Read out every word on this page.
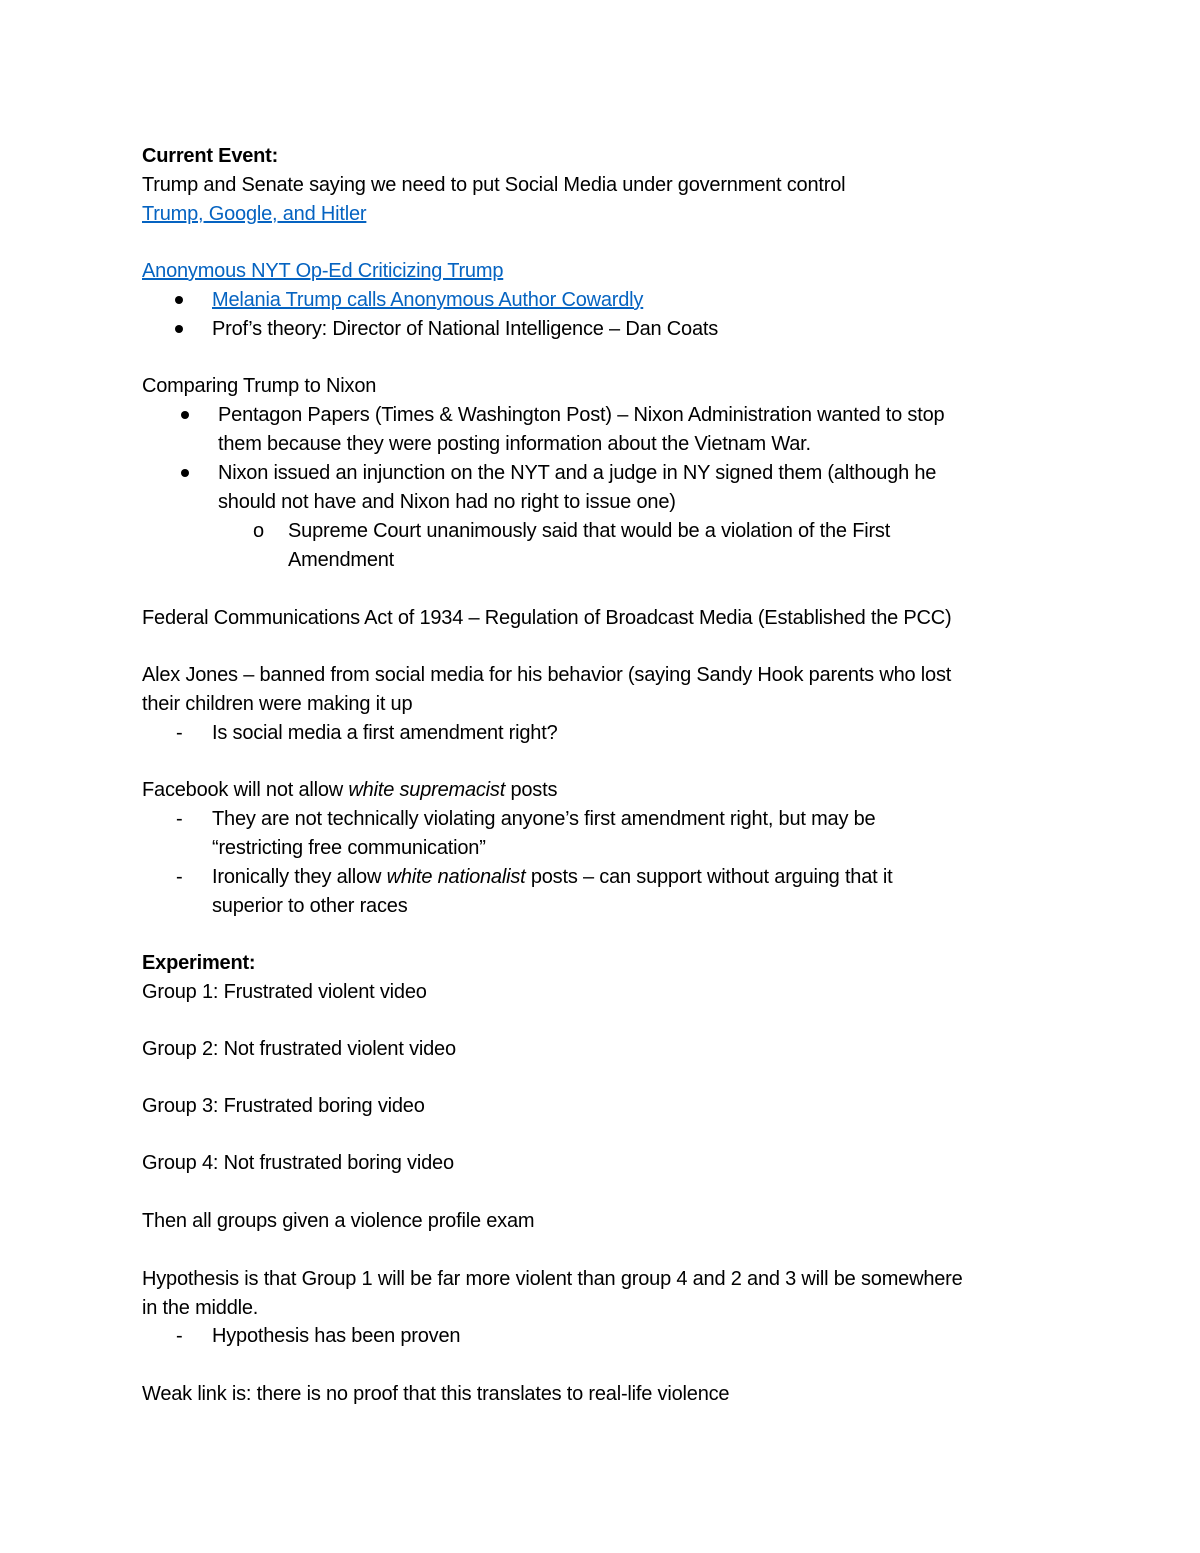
Current Event:
Trump and Senate saying we need to put Social Media under government control
Trump, Google, and Hitler
Anonymous NYT Op-Ed Criticizing Trump
Melania Trump calls Anonymous Author Cowardly
Prof’s theory: Director of National Intelligence – Dan Coats
Comparing Trump to Nixon
Pentagon Papers (Times & Washington Post) – Nixon Administration wanted to stop
them because they were posting information about the Vietnam War.
Nixon issued an injunction on the NYT and a judge in NY signed them (although he
should not have and Nixon had no right to issue one)
o Supreme Court unanimously said that would be a violation of the First
Amendment
Federal Communications Act of 1934 – Regulation of Broadcast Media (Established the PCC)
Alex Jones – banned from social media for his behavior (saying Sandy Hook parents who lost
their children were making it up
- Is social media a first amendment right?
Facebook will not allow white supremacist posts
- They are not technically violating anyone’s first amendment right, but may be
“restricting free communication”
- Ironically they allow white nationalist posts – can support without arguing that it
superior to other races
Experiment:
Group 1: Frustrated violent video
Group 2: Not frustrated violent video
Group 3: Frustrated boring video
Group 4: Not frustrated boring video
Then all groups given a violence profile exam
Hypothesis is that Group 1 will be far more violent than group 4 and 2 and 3 will be somewhere
in the middle.
- Hypothesis has been proven
Weak link is: there is no proof that this translates to real-life violence
